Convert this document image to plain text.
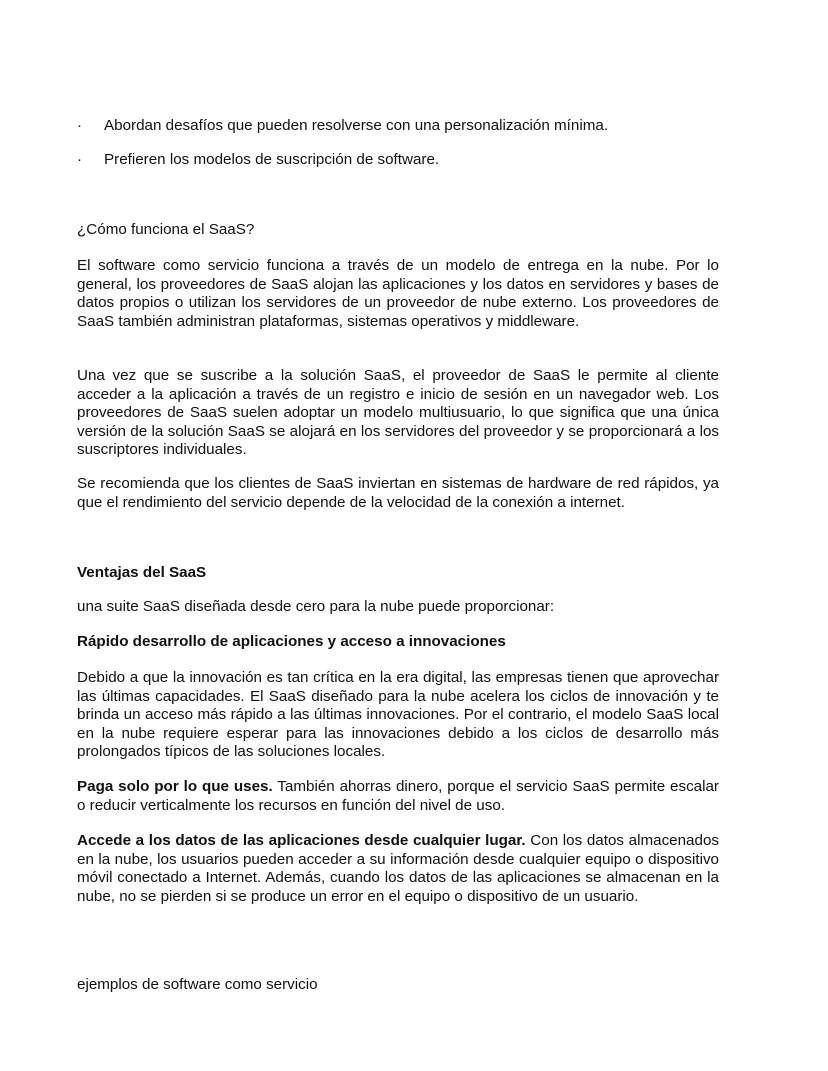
·	Abordan desafíos que pueden resolverse con una personalización mínima.
·	Prefieren los modelos de suscripción de software.

¿Cómo funciona el SaaS?

El software como servicio funciona a través de un modelo de entrega en la nube. Por lo general, los proveedores de SaaS alojan las aplicaciones y los datos en servidores y bases de datos propios o utilizan los servidores de un proveedor de nube externo. Los proveedores de SaaS también administran plataformas, sistemas operativos y middleware.

Una vez que se suscribe a la solución SaaS, el proveedor de SaaS le permite al cliente acceder a la aplicación a través de un registro e inicio de sesión en un navegador web. Los proveedores de SaaS suelen adoptar un modelo multiusuario, lo que significa que una única versión de la solución SaaS se alojará en los servidores del proveedor y se proporcionará a los suscriptores individuales.

Se recomienda que los clientes de SaaS inviertan en sistemas de hardware de red rápidos, ya que el rendimiento del servicio depende de la velocidad de la conexión a internet.

Ventajas del SaaS

una suite SaaS diseñada desde cero para la nube puede proporcionar:

Rápido desarrollo de aplicaciones y acceso a innovaciones

Debido a que la innovación es tan crítica en la era digital, las empresas tienen que aprovechar las últimas capacidades. El SaaS diseñado para la nube acelera los ciclos de innovación y te brinda un acceso más rápido a las últimas innovaciones. Por el contrario, el modelo SaaS local en la nube requiere esperar para las innovaciones debido a los ciclos de desarrollo más prolongados típicos de las soluciones locales.

Paga solo por lo que uses. También ahorras dinero, porque el servicio SaaS permite escalar o reducir verticalmente los recursos en función del nivel de uso.

Accede a los datos de las aplicaciones desde cualquier lugar. Con los datos almacenados en la nube, los usuarios pueden acceder a su información desde cualquier equipo o dispositivo móvil conectado a Internet. Además, cuando los datos de las aplicaciones se almacenan en la nube, no se pierden si se produce un error en el equipo o dispositivo de un usuario.

ejemplos de software como servicio
